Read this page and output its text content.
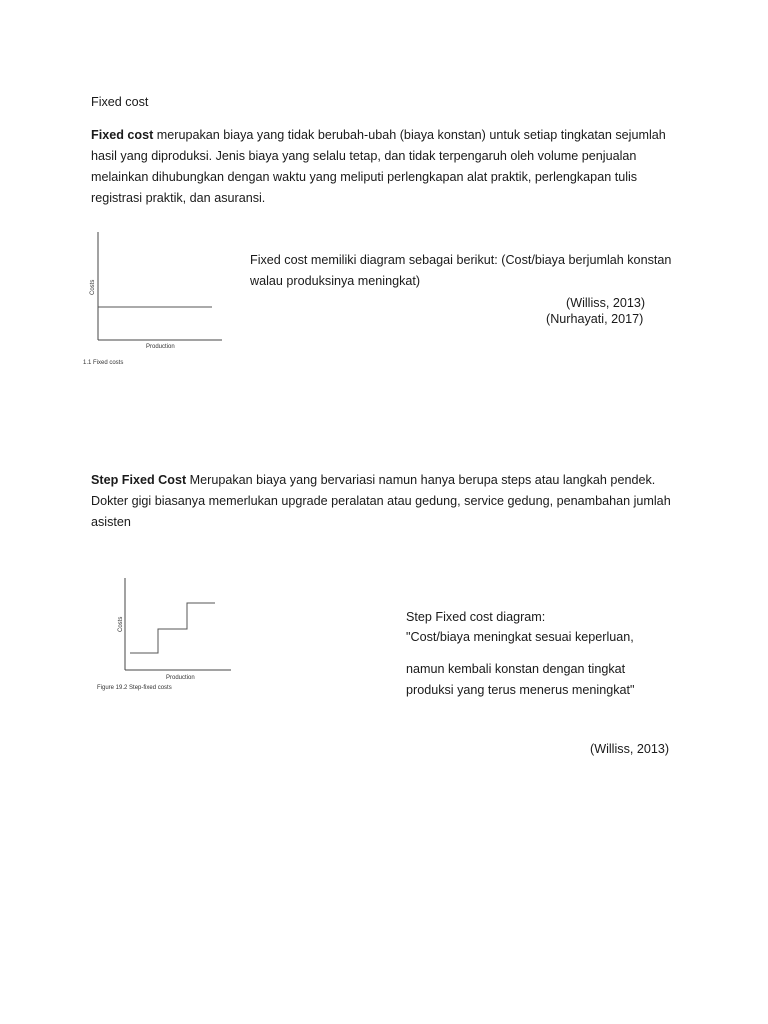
Fixed cost
Fixed cost merupakan biaya yang tidak berubah-ubah (biaya konstan) untuk setiap tingkatan sejumlah
hasil yang diproduksi. Jenis biaya yang selalu tetap, dan tidak terpengaruh oleh volume penjualan
melainkan dihubungkan dengan waktu yang meliputi perlengkapan alat praktik, perlengkapan tulis
registrasi praktik, dan asuransi.
Costs
Production
1.1 Fixed costs
Costs
Production
Figure 19.2 Step-fixed costs
Fixed cost memiliki diagram sebagai berikut: (Cost/biaya berjumlah konstan
walau produksinya meningkat)
(Williss, 2013)
(Nurhayati, 2017)
Step Fixed Cost Merupakan biaya yang bervariasi namun hanya berupa steps atau langkah pendek.
Dokter gigi biasanya memerlukan upgrade peralatan atau gedung, service gedung, penambahan jumlah
asisten
Step Fixed cost diagram:
"Cost/biaya meningkat sesuai keperluan,
namun kembali konstan dengan tingkat
produksi yang terus menerus meningkat"
(Williss, 2013)
